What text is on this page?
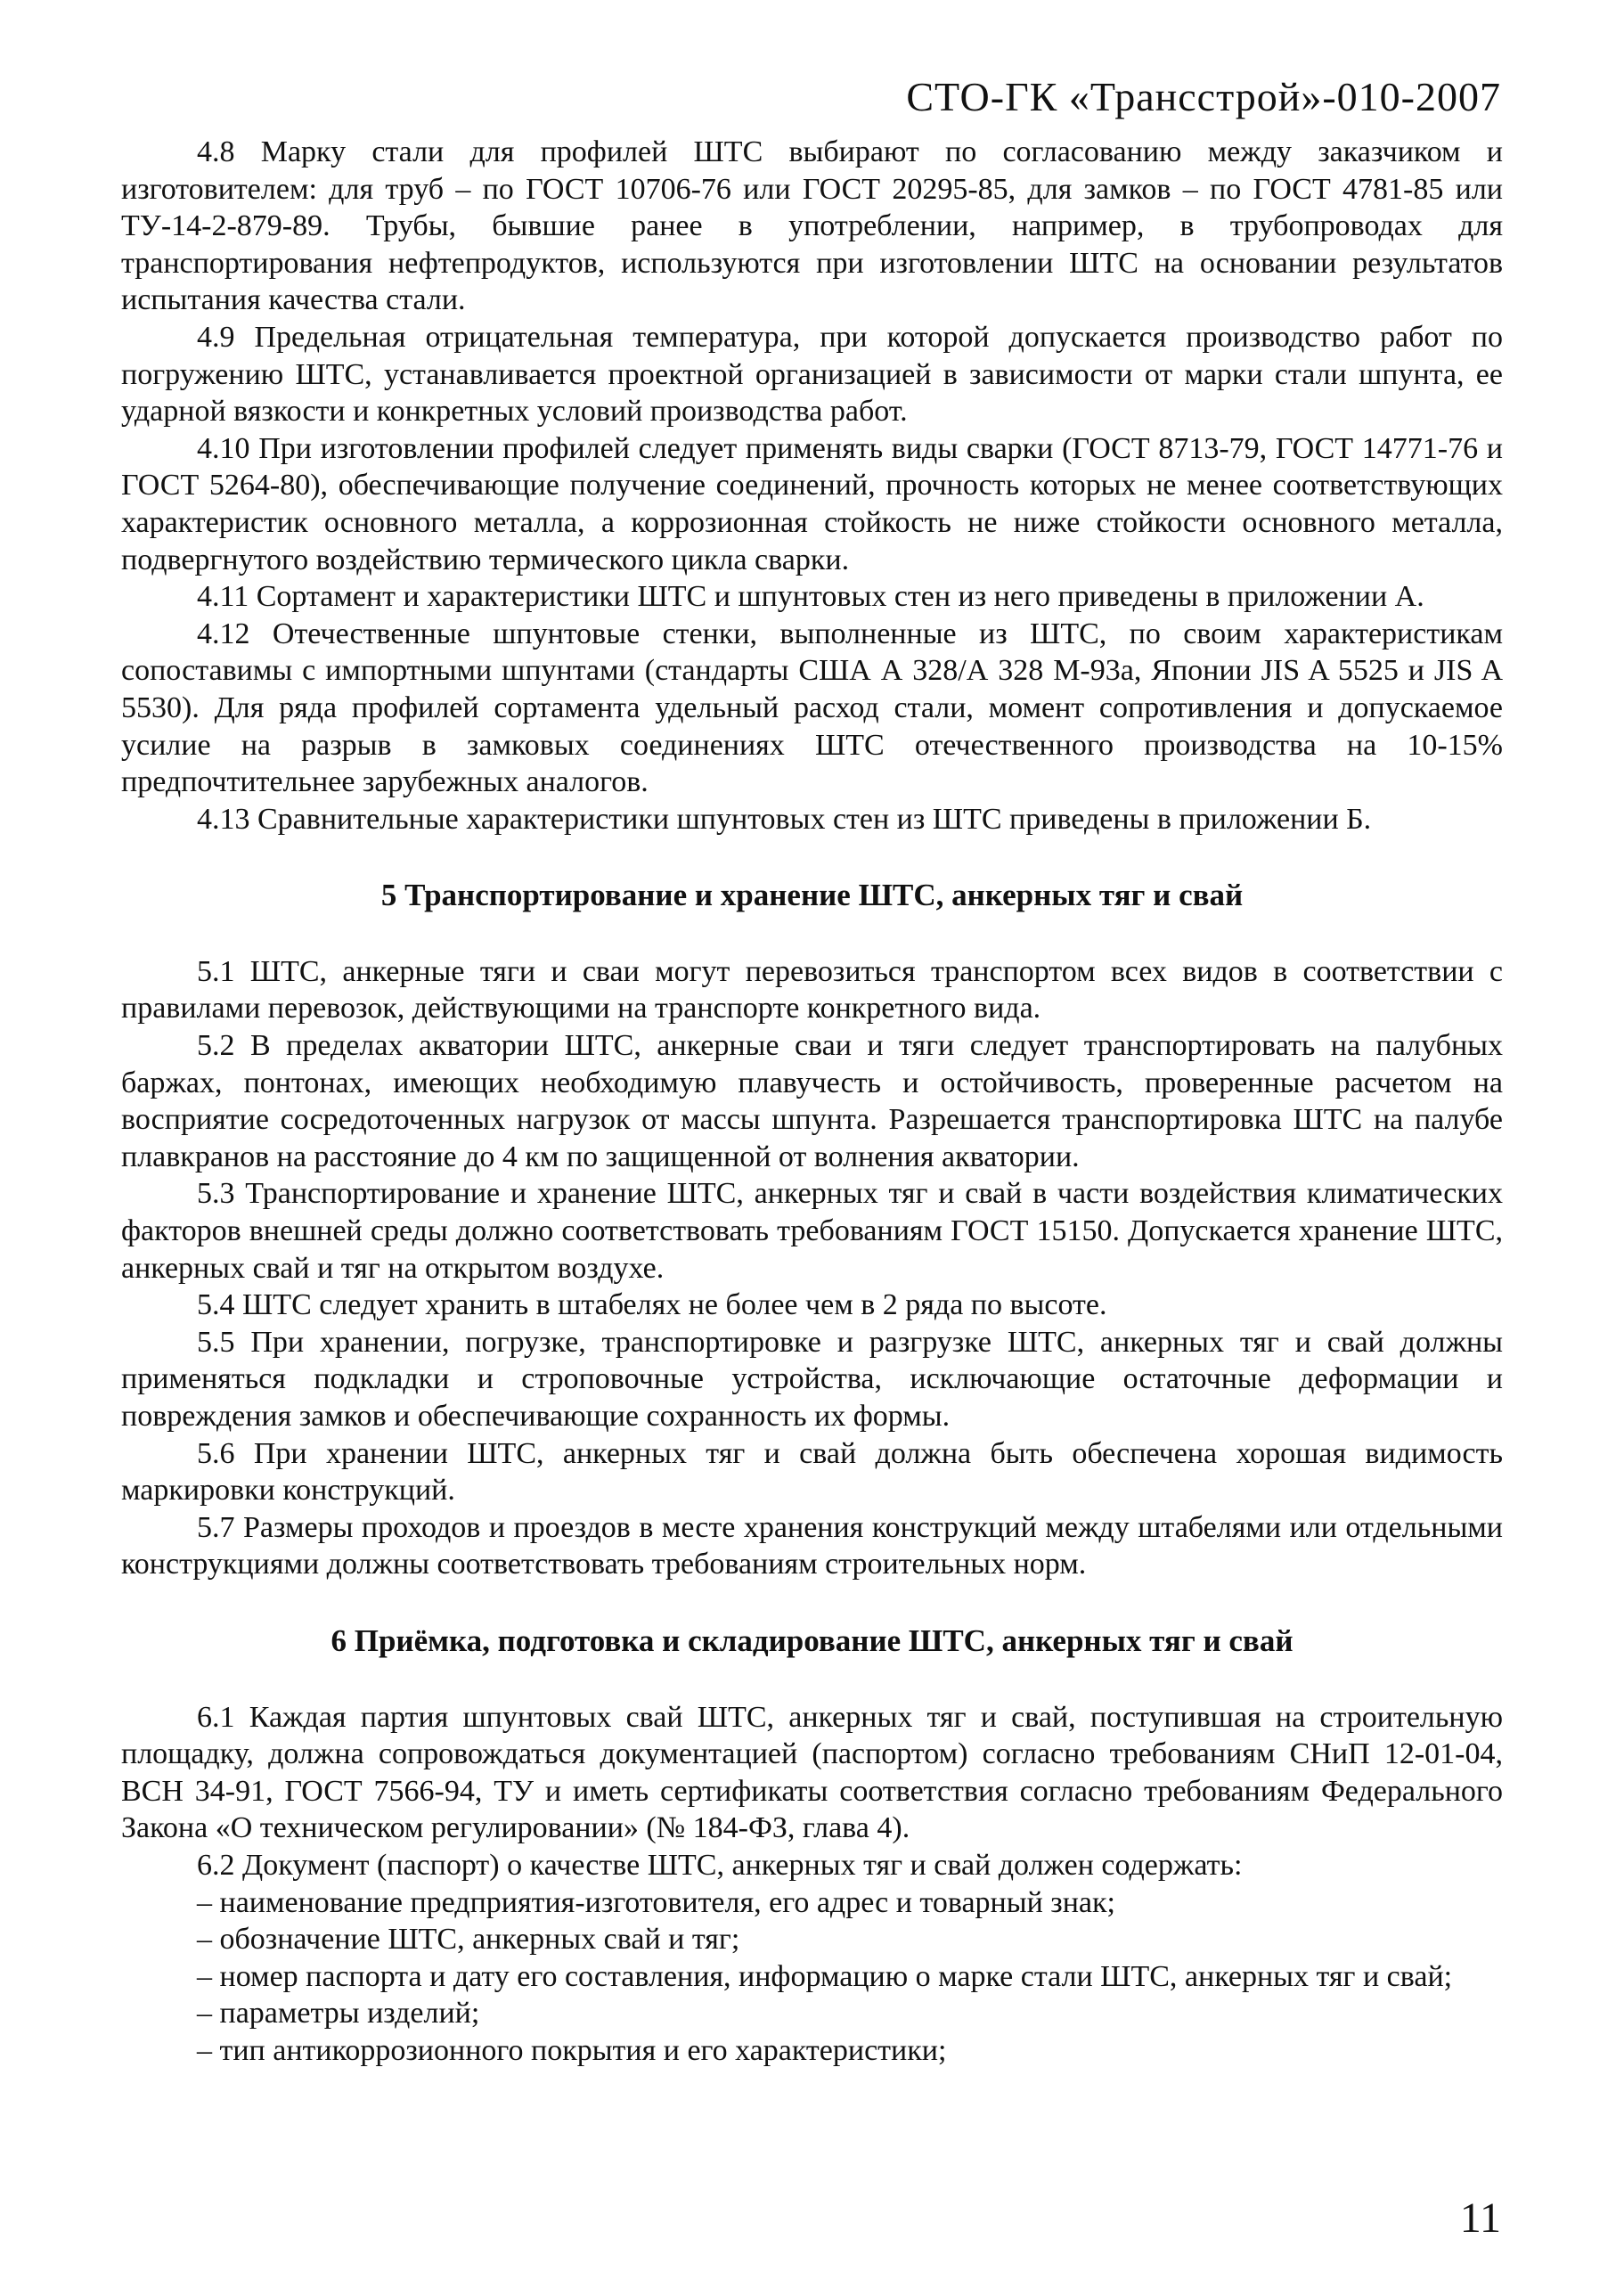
СТО-ГК «Трансстрой»-010-2007

4.8 Марку стали для профилей ШТС выбирают по согласованию между заказчиком и изготовителем: для труб – по ГОСТ 10706-76 или ГОСТ 20295-85, для замков – по ГОСТ 4781-85 или ТУ-14-2-879-89. Трубы, бывшие ранее в употреблении, например, в трубопроводах для транспортирования нефтепродуктов, используются при изготовлении ШТС на основании результатов испытания качества стали.

4.9 Предельная отрицательная температура, при которой допускается производство работ по погружению ШТС, устанавливается проектной организацией в зависимости от марки стали шпунта, ее ударной вязкости и конкретных условий производства работ.

4.10 При изготовлении профилей следует применять виды сварки (ГОСТ 8713-79, ГОСТ 14771-76 и ГОСТ 5264-80), обеспечивающие получение соединений, прочность которых не менее соответствующих характеристик основного металла, а коррозионная стойкость не ниже стойкости основного металла, подвергнутого воздействию термического цикла сварки.

4.11 Сортамент и характеристики ШТС и шпунтовых стен из него приведены в приложении А.

4.12 Отечественные шпунтовые стенки, выполненные из ШТС, по своим характеристикам сопоставимы с импортными шпунтами (стандарты США А 328/А 328 М-93а, Японии JIS A 5525 и JIS A 5530). Для ряда профилей сортамента удельный расход стали, момент сопротивления и допускаемое усилие на разрыв в замковых соединениях ШТС отечественного производства на 10-15% предпочтительнее зарубежных аналогов.

4.13 Сравнительные характеристики шпунтовых стен из ШТС приведены в приложении Б.

5 Транспортирование и хранение ШТС, анкерных тяг и свай

5.1 ШТС, анкерные тяги и сваи могут перевозиться транспортом всех видов в соответствии с правилами перевозок, действующими на транспорте конкретного вида.

5.2 В пределах акватории ШТС, анкерные сваи и тяги следует транспортировать на палубных баржах, понтонах, имеющих необходимую плавучесть и остойчивость, проверенные расчетом на восприятие сосредоточенных нагрузок от массы шпунта. Разрешается транспортировка ШТС на палубе плавкранов на расстояние до 4 км по защищенной от волнения акватории.

5.3 Транспортирование и хранение ШТС, анкерных тяг и свай в части воздействия климатических факторов внешней среды должно соответствовать требованиям ГОСТ 15150. Допускается хранение ШТС, анкерных свай и тяг на открытом воздухе.

5.4 ШТС следует хранить в штабелях не более чем в 2 ряда по высоте.

5.5 При хранении, погрузке, транспортировке и разгрузке ШТС, анкерных тяг и свай должны применяться подкладки и строповочные устройства, исключающие остаточные деформации и повреждения замков и обеспечивающие сохранность их формы.

5.6 При хранении ШТС, анкерных тяг и свай должна быть обеспечена хорошая видимость маркировки конструкций.

5.7 Размеры проходов и проездов в месте хранения конструкций между штабелями или отдельными конструкциями должны соответствовать требованиям строительных норм.

6 Приёмка, подготовка и складирование ШТС, анкерных тяг и свай

6.1 Каждая партия шпунтовых свай ШТС, анкерных тяг и свай, поступившая на строительную площадку, должна сопровождаться документацией (паспортом) согласно требованиям СНиП 12-01-04, ВСН 34-91, ГОСТ 7566-94, ТУ и иметь сертификаты соответствия согласно требованиям Федерального Закона «О техническом регулировании» (№ 184-ФЗ, глава 4).

6.2 Документ (паспорт) о качестве ШТС, анкерных тяг и свай должен содержать:

– наименование предприятия-изготовителя, его адрес и товарный знак;

– обозначение ШТС, анкерных свай и тяг;

– номер паспорта и дату его составления, информацию о марке стали ШТС, анкерных тяг и свай;

– параметры изделий;

– тип антикоррозионного покрытия и его характеристики;

11
